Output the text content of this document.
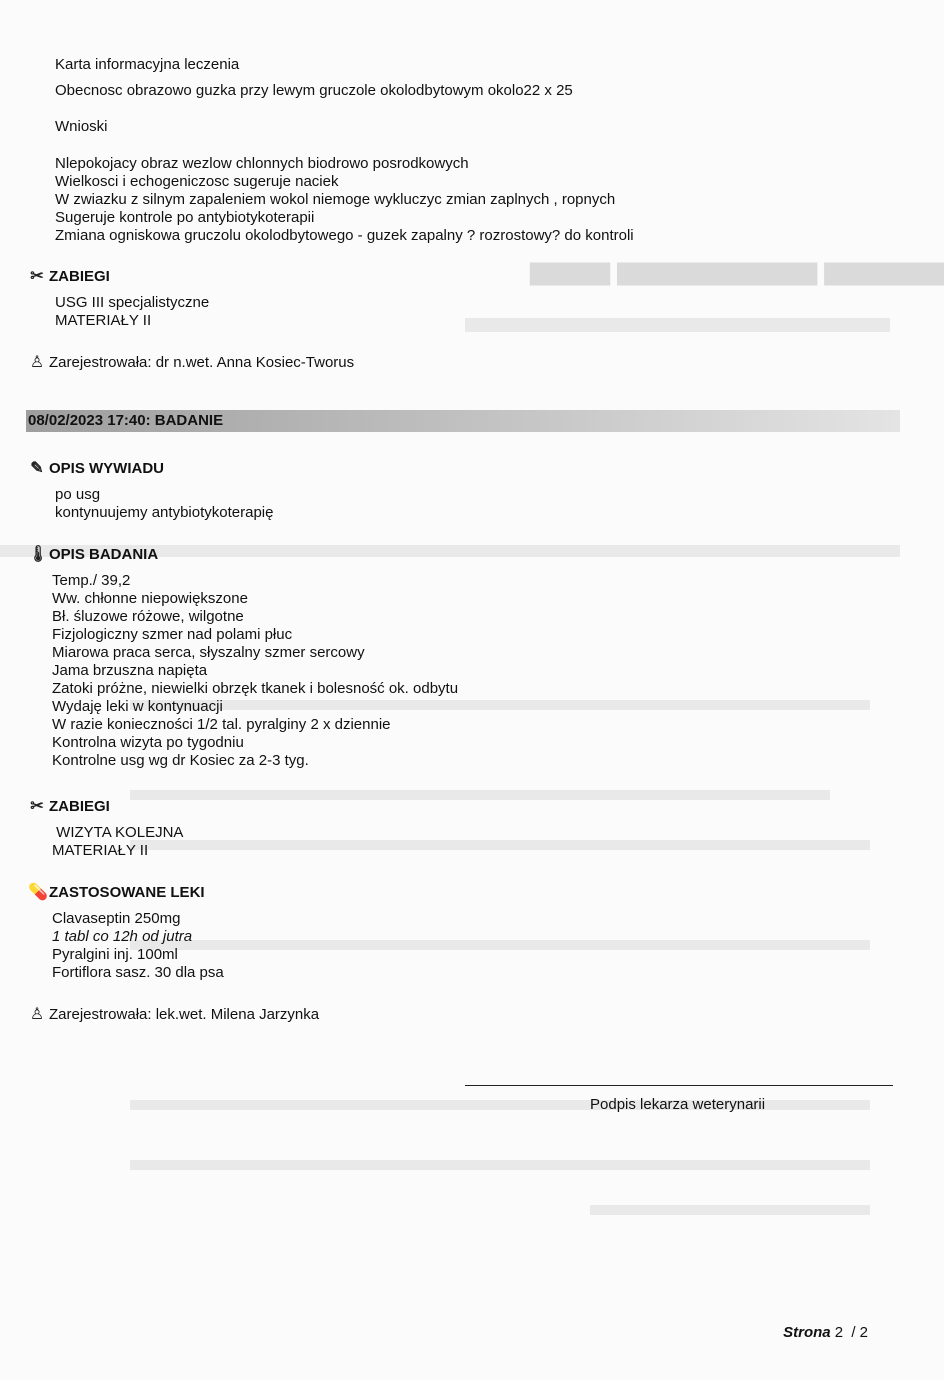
▆▆▆▆ ▆▆▆▆▆▆▆▆▆▆ ▆▆▆▆▆▆
Karta informacyjna leczenia
Obecnosc obrazowo guzka przy lewym gruczole okolodbytowym okolo22 x 25
Wnioski
Nlepokojacy obraz wezlow chlonnych biodrowo posrodkowych
Wielkosci i echogeniczosc sugeruje naciek
W zwiazku z silnym zapaleniem wokol niemoge wykluczyc zmian zaplnych , ropnych
Sugeruje kontrole po antybiotykoterapii
Zmiana ogniskowa gruczolu okolodbytowego - guzek zapalny ? rozrostowy? do kontroli
✂ ZABIEGI
USG III specjalistyczne
MATERIAŁY II
♙ Zarejestrowała: dr n.wet. Anna Kosiec-Tworus
08/02/2023 17:40: BADANIE
✎ OPIS WYWIADU
po usg
kontynuujemy antybiotykoterapię
🌡 OPIS BADANIA
Temp./ 39,2
Ww. chłonne niepowiększone
Bł. śluzowe różowe, wilgotne
Fizjologiczny szmer nad polami płuc
Miarowa praca serca, słyszalny szmer sercowy
Jama brzuszna napięta
Zatoki próżne, niewielki obrzęk tkanek i bolesność ok. odbytu
Wydaję leki w kontynuacji
W razie konieczności 1/2 tal. pyralginy 2 x dziennie
Kontrolna wizyta po tygodniu
Kontrolne usg wg dr Kosiec za 2-3 tyg.
✂ ZABIEGI
WIZYTA KOLEJNA
MATERIAŁY II
💊 ZASTOSOWANE LEKI
Clavaseptin 250mg
1 tabl co 12h od jutra
Pyralgini inj. 100ml
Fortiflora sasz. 30 dla psa
♙ Zarejestrowała: lek.wet. Milena Jarzynka
Podpis lekarza weterynarii
Strona 2 / 2
